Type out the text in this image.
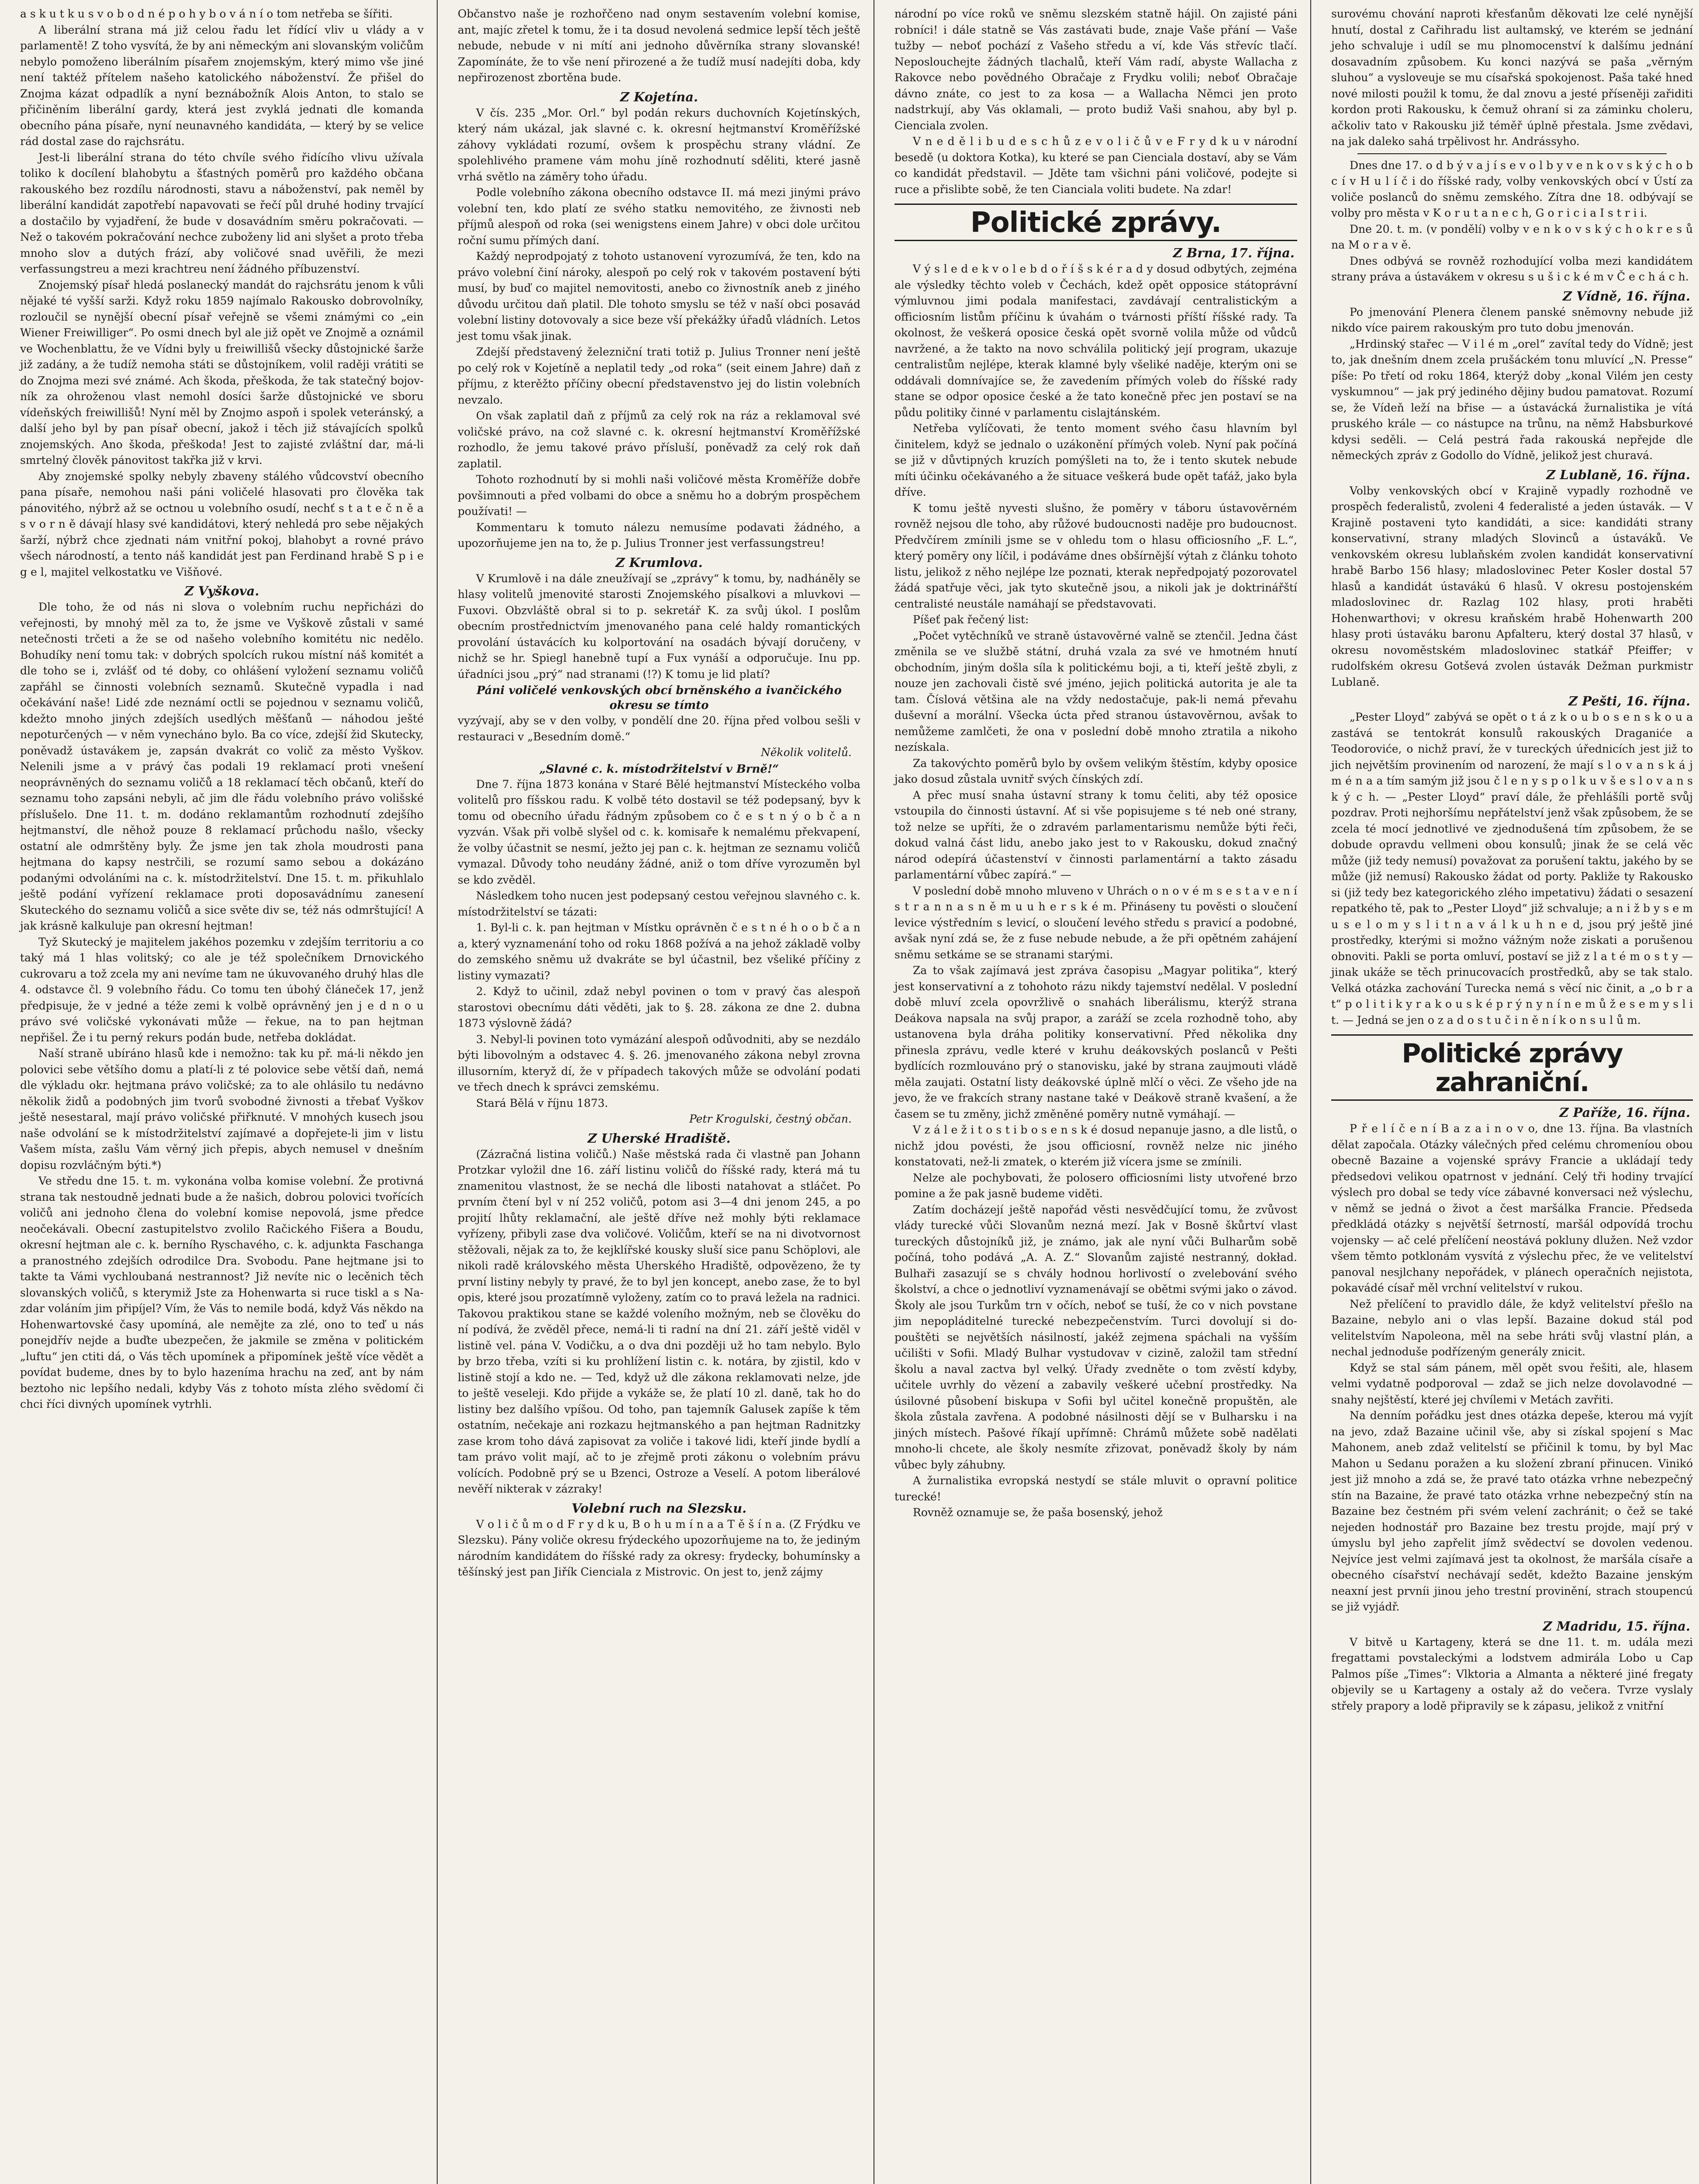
a s k u t k u s v o b o d n é p o h y b o v á n í o tom netřeba se šířiti.

A liberální strana má již celou řadu let řídící vliv u vlády a v parlamentě! Z toho vysvítá, že by ani německým ani slovanským voličům nebylo pomoženo liberálním písařem znojemským, který mimo vše jiné není taktéž přítelem našeho katolického náboženství. Že přišel do Znojma kázat odpadlík a nyní beznábožník Alois Anton, to stalo se přičiněním liberální gardy, která jest zvyklá jednati dle komanda obecního pána písaře, nyní neunavného kandidáta, — který by se velice rád dostal zase do rajchsrátu.

Jest-li liberální strana do této chvíle svého řidícího vlivu užívala toliko k docílení blahobytu a šťastných poměrů pro každého občana rakouského bez rozdílu národnosti, stavu a náboženství, pak neměl by liberální kandidát zapotřebí napavovati se řečí půl druhé hodiny trvající a dostačilo by vyjadření, že bude v dosavádním směru pokračovati. — Než o takovém pokračování nechce zuboženy lid ani slyšet a proto třeba mnoho slov a dutých frází, aby voličové snad uvěřili, že mezi verfassungstreu a mezi krachtreu není žádného příbuzenství.

Znojemský písař hledá poslanecký mandát do rajchsrátu jenom k vůli nějaké té vyšší sarži. Když roku 1859 najímalo Rakousko dobrovolníky, rozloučil se nynější obecní písař veřejně se všemi známými co „ein Wiener Freiwilliger“. Po osmi dnech byl ale již opět ve Znojmě a oznámil ve Wochenblattu, že ve Vídni byly u freiwillišů všecky důstojnické šarže již zadány, a že tudíž nemoha státi se důstojníkem, volil raději vrátiti se do Znojma mezi své známé. Ach škoda, přeškoda, že tak statečný bojovník za ohroženou vlast nemohl dosíci šarže důstojnické ve sboru vídeňských freiwillišů! Nyní měl by Znojmo aspoň i spolek veteránský, a další jeho byl by pan písař obecní, jakož i těch již stávajících spolků znojemských. Ano škoda, přeškoda! Jest to zajisté zvláštní dar, má-li smrtelný člověk pánovitost takřka již v krvi.

Aby znojemské spolky nebyly zbaveny stálého vůdcovství obecního pana písaře, nemohou naši páni voličelé hlasovati pro člověka tak pánovitého, nýbrž až se octnou u volebního osudí, nechť s t a t e č n ě a s v o r n ě dávají hlasy své kandidátovi, který nehledá pro sebe nějakých šarží, nýbrž chce zjednati nám vnitřní pokoj, blahobyt a rovné právo všech národností, a tento náš kandidát jest pan Ferdinand hrabě S p i e g e l, majitel velkostatku ve Višňové.

Z Vyškova.

Dle toho, že od nás ni slova o volebním ruchu nepřicházi do veřejnosti, by mnohý měl za to, že jsme ve Vyškově zůstali v samé netečnosti trčeti a že se od našeho volebního komitétu nic nedělo. Bohudíky není tomu tak: v dobrých spolcích rukou místní náš komitét a dle toho se i, zvlášť od té doby, co ohlášení vyložení seznamu voličů zapřáhl se činnosti volebních seznamů. Skutečně vypadla i nad očekávání naše! Lidé zde neznámí octli se pojednou v seznamu voličů, kdežto mnoho jiných zdejších usedlých měšťanů — náhodou ješté nepoturčených — v něm vynecháno bylo. Ba co více, zdejší žid Skutecky, poněvadž ústavákem je, zapsán dvakrát co volič za město Vyškov. Nelenili jsme a v právý čas podali 19 reklamací proti vnešení neoprávněných do seznamu voličů a 18 reklamací těch občanů, kteří do seznamu toho zapsáni nebyli, ač jim dle řádu volebního právo volišské příslušelo. Dne 11. t. m. dodáno reklamantům rozhodnutí zdejšího hejtmanství, dle něhož pouze 8 reklamací průchodu našlo, všecky ostatní ale odmrštěny byly. Že jsme jen tak zhola moudrosti pana hejtmana do kapsy nestrčili, se rozumí samo sebou a dokázáno podanými odvoláními na c. k. místodržitelství. Dne 15. t. m. přikuhlalo ještě podání vyřízení reklamace proti doposavádnímu zanesení Skuteckého do seznamu voličů a sice světe div se, též nás odmrštující! A jak krásně kalkuluje pan okresní hejtman!

Tyž Skutecký je majitelem jakéhos pozemku v zdejším territoriu a co taký má 1 hlas volitský; co ale je též společníkem Drnovického cukrovaru a tož zcela my ani nevíme tam ne úkuvovaného druhý hlas dle 4. odstavce čl. 9 volebního řádu. Co tomu ten úbohý článeček 17, jenž předpisuje, že v jedné a téže zemi k volbě oprávněný jen j e d n o u právo své voličské vykonávati může — řekue, na to pan hejtman nepřišel. Že i tu perný rekurs podán bude, netřeba dokládat.

Naší straně ubíráno hlasů kde i nemožno: tak ku př. má-li někdo jen polovici sebe většího domu a platí-li z té polovice sebe větší daň, nemá dle výkladu okr. hejtmana právo voličské; za to ale ohlásilo tu nedávno několik židů a podobných jim tvorů svobodné živnosti a třebať Vyškov ještě nesestaral, mají právo voličské přiřknuté. V mnohých kusech jsou naše odvolání se k místodržitelství zajímavé a dopřejete-li jim v listu Vašem místa, zašlu Vám věrný jich přepis, abych nemusel v dnešním dopisu rozvláčným býti.*)

Ve středu dne 15. t. m. vykonána volba komise volební. Že protivná strana tak nestoudně jednati bude a že našich, dobrou polovici tvořících voličů ani jednoho člena do volební komise nepovolá, jsme předce neočekávali. Obecní zastupitelstvo zvolilo Račického Fišera a Boudu, okresní hejtman ale c. k. berního Ryschavého, c. k. adjunkta Faschanga a pranostného zdejších odrodilce Dra. Svobodu. Pane hejtmane jsi to takte ta Vámi vychloubaná nestrannost? Již nevíte nic o lecěnich těch slovanských voličů, s kterymiž Jste za Hohenwarta si ruce tiskl a s Nazdar voláním jim připíjel? Vím, že Vás to nemile bodá, když Vás někdo na Hohenwartovské časy upomíná, ale nemějte za zlé, ono to teď u nás ponejdřív nejde a buďte ubezpečen, že jakmile se změna v politickém „luftu“ jen ctiti dá, o Vás těch upomínek a připomínek ještě více vědět a povídat budeme, dnes by to bylo hazeníma hrachu na zeď, ant by nám beztoho nic lepšího nedali, kdyby Vás z tohoto místa zlého svědomí či chci říci divných upomínek vytrhli.

Občanstvo naše je rozhořčeno nad onym sestavením volební komise, ant, majíc zřetel k tomu, že i ta dosud nevolená sedmice lepší těch ještě nebude, nebude v ni mítí ani jednoho důvěrníka strany slovanské! Zapomínáte, že to vše není přirozené a že tudíž musí nadejíti doba, kdy nepřirozenost zbortěna bude.

Z Kojetína.

V čís. 235 „Mor. Orl.“ byl podán rekurs duchovních Kojetínských, který nám ukázal, jak slavné c. k. okresní hejtmanství Kroměřížské záhovy vykládati rozumí, ovšem k prospěchu strany vládní. Ze spolehlivého pramene vám mohu jíně rozhodnutí sděliti, které jasně vrhá světlo na záměry toho úřadu.

Podle volebního zákona obecního odstavce II. má mezi jinými právo volební ten, kdo platí ze svého statku nemovitého, ze živnosti neb příjmů alespoň od roka (sei wenigstens einem Jahre) v obci dole určitou roční sumu přímých daní.

Každý neprodpojatý z tohoto ustanovení vyrozumívá, že ten, kdo na právo volební činí nároky, alespoň po celý rok v takovém postavení býti musí, by buď co majitel nemovitosti, anebo co živnostník aneb z jiného důvodu určitou daň platil. Dle tohoto smyslu se též v naší obci posavád volební listiny dotovovaly a sice beze vší překážky úřadů vládních. Letos jest tomu však jinak.

Zdejší představený železniční trati totiž p. Julius Tronner není ještě po celý rok v Kojetíně a neplatil tedy „od roka“ (seit einem Jahre) daň z příjmu, z kterěžto příčiny obecní představenstvo jej do listin volebních nevzalo.

On však zaplatil daň z příjmů za celý rok na ráz a reklamoval své voličské právo, na což slavné c. k. okresní hejtmanství Kroměřížské rozhodlo, že jemu takové právo přísluší, poněvadž za celý rok daň zaplatil.

Tohoto rozhodnutí by si mohli naši voličové města Kroměříže dobře povšimnouti a před volbami do obce a sněmu ho a dobrým prospěchem používati! —

Kommentaru k tomuto nálezu nemusíme podavati žádného, a upozorňujeme jen na to, že p. Julius Tronner jest verfassungstreu!

Z Krumlova.

V Krumlově i na dále zneužívají se „zprávy“ k tomu, by, nadháněly se hlasy volitelů jmenovité starosti Znojemského písalkovi a mluvkovi — Fuxovi. Obzvláště obral si to p. sekretář K. za svůj úkol. I poslům obecním prostřednictvím jmenovaného pana celé haldy romantických provolání ústavácích ku kolportování na osadách bývají doručeny, v nichž se hr. Spiegl hanebně tupí a Fux vynáší a odporučuje. Inu pp. úřadníci jsou „prý“ nad stranami (!?) K tomu je lid platí?

Páni voličelé venkovských obcí brněnského a ivančického okresu se tímto

vyzývají, aby se v den volby, v pondělí dne 20. října před volbou sešli v restauraci v „Besedním domě.“

Několik volitelů.

„Slavné c. k. místodržitelství v Brně!“

Dne 7. října 1873 konána v Staré Bělé hejtmanství Místeckého volba volitelů pro fíšskou radu. K volbě této dostavil se též podepsaný, byv k tomu od obecního úřadu řádným způsobem co č e s t n ý o b č a n vyzván. Však při volbě slyšel od c. k. komisaře k nemalému překvapení, že volby účastnit se nesmí, ježto jej pan c. k. hejtman ze seznamu voličů vymazal. Důvody toho neudány žádné, aniž o tom dříve vyrozuměn byl se kdo zvěděl.

Následkem toho nucen jest podepsaný cestou veřejnou slavného c. k. místodržitelství se tázati:

1. Byl-li c. k. pan hejtman v Místku oprávněn č e s t n é h o o b č a n a, který vyznamenání toho od roku 1868 požívá a na jehož základě volby do zemského sněmu už dvakráte se byl účastnil, bez všeliké příčiny z listiny vymazati?

2. Když to učinil, zdaž nebyl povinen o tom v pravý čas alespoň starostovi obecnímu dáti věděti, jak to §. 28. zákona ze dne 2. dubna 1873 výslovně žádá?

3. Nebyl-li povinen toto vymázání alespoň odůvodniti, aby se nezdálo býti libovolným a odstavec 4. §. 26. jmenovaného zákona nebyl zrovna illusorním, kteryž dí, že v případech takových může se odvolání podati ve třech dnech k správci zemskému.

Stará Bělá v říjnu 1873.

Petr Krogulski, čestný občan.

Z Uherské Hradiště.

(Zázračná listina voličů.) Naše městská rada či vlastně pan Johann Protzkar vyložil dne 16. září listinu voličů do říšské rady, která má tu znamenitou vlastnost, že se nechá dle libosti natahovat a stláčet. Po prvním čtení byl v ní 252 voličů, potom asi 3—4 dni jenom 245, a po projití lhůty reklamační, ale ještě dříve než mohly býti reklamace vyřízeny, přibyli zase dva voličové. Voličům, kteří se na ni divotvornost stěžovali, nějak za to, že kejklířské kousky sluší sice panu Schöplovi, ale nikoli radě královského města Uherského Hradiště, odpovězeno, že ty první listiny nebyly ty pravé, že to byl jen koncept, anebo zase, že to byl opis, které jsou prozatímně vyloženy, zatím co to pravá ležela na radnici. Takovou praktikou stane se každé voleního možným, neb se člověku do ní podívá, že zvěděl přece, nemá-li ti radní na dní 21. září ještě viděl v listině vel. pána V. Vodičku, a o dva dni později už ho tam nebylo. Bylo by brzo třeba, vzíti si ku prohlížení listin c. k. notára, by zjistil, kdo v listině stojí a kdo ne. — Ted, když už dle zákona reklamovati nelze, jde to ještě veseleji. Kdo přijde a vykáže se, že platí 10 zl. daně, tak ho do listiny bez dalšího vpíšou. Od toho, pan tajemník Galusek zapíše k těm ostatním, nečekaje ani rozkazu hejtmanského a pan hejtman Radnitzky zase krom toho dává zapisovat za voliče i takové lidi, kteří jinde bydlí a tam právo volit mají, ač to je zřejmě proti zákonu o volebním právu volících. Podobně prý se u Bzenci, Ostroze a Veselí. A potom liberálové nevěří nikterak v zázraky!

Volební ruch na Slezsku.

V o l i č ů m o d F r y d k u, B o h u m í n a a T ě š í n a. (Z Frýdku ve Slezsku). Pány voliče okresu frýdeckého upozorňujeme na to, že jediným národním kandidátem do říšské rady za okresy: frydecky, bohumínsky a těšínský jest pan Jiřík Cienciala z Mistrovic. On jest to, jenž zájmy

národní po více roků ve sněmu slezském statně hájil. On zajisté páni robníci! i dále statně se Vás zastávati bude, znaje Vaše přání — Vaše tužby — neboť pochází z Vašeho středu a ví, kde Vás střevíc tlačí. Neposlouchejte žádných tlachalů, kteří Vám radí, abyste Wallacha z Rakovce nebo povědného Obračaje z Frydku volili; neboť Obračaje dávno znáte, co jest to za kosa — a Wallacha Němci jen proto nadstrkují, aby Vás oklamali, — proto budiž Vaši snahou, aby byl p. Cienciala zvolen.

V n e d ě l i b u d e s c h ů z e v o l i č ů v e F r y d k u v národní besedě (u doktora Kotka), ku které se pan Cienciala dostaví, aby se Vám co kandidát představil. — Jděte tam všichni páni voličové, podejte si ruce a přislibte sobě, že ten Cianciala voliti budete. Na zdar!

Politické zprávy.
Z Brna, 17. října.

V ý s l e d e k v o l e b d o ř í š s k é r a d y dosud odbytých, zejména ale výsledky těchto voleb v Čechách, kdež opět opposice státoprávní výmluvnou jimi podala manifestaci, zavdávají centralistickým a officiosním listům příčinu k úvahám o tvárnosti příští říšské rady. Ta okolnost, že veškerá oposice česká opět svorně volila může od vůdců navržené, a že takto na novo schválila politický její program, ukazuje centralistům nejlépe, kterak klamné byly všeliké naděje, kterým oni se oddávali domnívajíce se, že zavedením přímých voleb do říšské rady stane se odpor oposice české a že tato konečně přec jen postaví se na půdu politiky činné v parlamentu cislajtánském.

Netřeba vylíčovati, že tento moment svého času hlavním byl činitelem, když se jednalo o uzákonění přímých voleb. Nyní pak počíná se již v důvtipných kruzích pomýšleti na to, že i tento skutek nebude míti účinku očekávaného a že situace veškerá bude opět taťáž, jako byla dříve.

K tomu ještě nyvesti slušno, že poměry v táboru ústavověrném rovněž nejsou dle toho, aby růžové budoucnosti naděje pro budoucnost. Předvčírem zmínili jsme se v ohledu tom o hlasu officiosního „F. L.“, který pomĕry ony líčil, i podáváme dnes obšírnější výtah z článku tohoto listu, jelikož z něho nejlépe lze poznati, kterak nepředpojatý pozorovatel žádá spatřuje věci, jak tyto skutečně jsou, a nikoli jak je doktrinářští centralisté neustále namáhají se představovati.

Píšeť pak řečený list:

„Počet vytěchníků ve straně ústavověrné valně se ztenčil. Jedna část změnila se ve službě státní, druhá vzala za své ve hmotném hnutí obchodním, jiným došla síla k politickému boji, a ti, kteří ještě zbyli, z nouze jen zachovali čistě své jméno, jejich politická autorita je ale ta tam. Číslová většina ale na vždy nedostačuje, pak-li nemá převahu duševní a morální. Všecka úcta před stranou ústavověrnou, avšak to nemůžeme zamlčeti, že ona v poslední době mnoho ztratila a nikoho nezískala.

Za takovýchto poměrů bylo by ovšem velikým štěstím, kdyby oposice jako dosud zůstala uvnitř svých čínských zdí.

A přec musí snaha ústavní strany k tomu čeliti, aby též oposice vstoupila do činnosti ústavní. Ať si vše popisujeme s té neb oné strany, tož nelze se upříti, že o zdravém parlamentarismu nemůže býti řeči, dokud valná část lidu, anebo jako jest to v Rakousku, dokud značný národ odepírá účastenství v činnosti parlamentární a takto zásadu parlamentární vůbec zapírá.“ —

V poslední době mnoho mluveno v Uhrách o n o v é m s e s t a v e n í s t r a n n a s n ě m u u h e r s k é m. Přináseny tu pověsti o sloučení levice výstředním s levicí, o sloučení levého středu s pravicí a podobné, avšak nyní zdá se, že z fuse nebude nebude, a že při opětném zahájení sněmu setkáme se se stranami starými.

Za to však zajímavá jest zpráva časopisu „Magyar politika“, který jest konservativní a z tohohoto rázu nikdy tajemství nedělal. V poslední době mluví zcela opovržlivě o snahách liberálismu, kterýž strana Deákova napsala na svůj prapor, a zaráží se zcela rozhodně toho, aby ustanovena byla dráha politiky konservativní. Před několika dny přinesla zprávu, vedle které v kruhu deákovských poslanců v Pešti bydlících rozmlouváno prý o stanovisku, jaké by strana zaujmouti vládě měla zaujati. Ostatní listy deákovské úplně mlčí o věci. Ze všeho jde na jevo, že ve frakcích strany nastane také v Deákově straně kvašení, a že časem se tu změny, jichž změněné poměry nutně vymáhají. —

V z á l e ž i t o s t i b o s e n s k é dosud nepanuje jasno, a dle listů, o nichž jdou povésti, že jsou officiosní, rovněž nelze nic jiného konstatovati, než-li zmatek, o kterém již vícera jsme se zmínili.

Nelze ale pochybovati, že polosero officiosními listy utvořené brzo pomine a že pak jasně budeme viděti.

Zatím docházejí ještě napořád věsti nesvědčující tomu, že zvůvost vlády turecké vůči Slovanům nezná mezí. Jak v Bosně škůrtví vlast tureckých důstojníků již, je známo, jak ale nyní vůči Bulharům sobě počíná, toho podává „A. A. Z.“ Slovanům zajisté nestranný, dokład. Bulhaři zasazují se s chvály hodnou horlivostí o zvelebování svého školství, a chce o jednotliví vyznamenávají se obětmi svými jako o závod. Školy ale jsou Turkům trn v očích, neboť se tuší, že co v nich povstane jim nepopláditelné turecké nebezpečenstvím. Turci dovolují si dopouštěti se největších násilností, jakéž zejmena spáchali na vyšším učilišti v Sofii. Mladý Bulhar vystudovav v cizině, založil tam střední školu a naval zactva byl velký. Úřady zvedněte o tom zvěstí kdyby, učitele uvrhly do vězení a zabavily veškeré učební prostředky. Na úsilovné působení biskupa v Sofii byl učitel konečně propuštěn, ale škola zůstala zavřena. A podobné násilnosti dějí se v Bulharsku i na jiných místech. Pašové říkají upřímně: Chrámů můžete sobě nadělati mnoho-li chcete, ale školy nesmíte zřizovat, poněvadž školy by nám vůbec byly záhubny.

A žurnalistika evropská nestydí se stále mluvit o opravní politice turecké!

Rovněž oznamuje se, že paša bosenský, jehož

surovému chování naproti křesťanům děkovati lze celé nynější hnutí, dostal z Cařihradu list aultamský, ve kterém se jednání jeho schvaluje i udíl se mu plnomocenství k dalšímu jednání dosavadním způsobem. Ku konci nazývá se paša „věrným sluhou“ a vysloveuje se mu císařská spokojenost. Paša také hned nové milosti použil k tomu, že dal znovu a jesté příseněji zařiditi kordon proti Rakousku, k čemuž ohraní si za záminku choleru, ačkoliv tato v Rakousku již téměř úplně přestala. Jsme zvědavi, na jak daleko sahá trpělivost hr. Andrássyho.

Dnes dne 17. o d b ý v a j í s e v o l b y v e n k o v s k ý c h o b c í v H u l í č i do říšské rady, volby venkovských obcí v Ústí za voliče poslanců do sněmu zemského. Zítra dne 18. odbývají se volby pro města v K o r u t a n e c h, G o r i c i a I s t r i i.

Dne 20. t. m. (v pondělí) volby v e n k o v s k ý c h o k r e s ů na M o r a v ě.

Dnes odbývá se rovněž rozhodující volba mezi kandidátem strany práva a ústavákem v okresu s u š i c k é m v Č e c h á c h.

Z Vídně, 16. října.

Po jmenování Plenera členem panské sněmovny nebude již nikdo více pairem rakouským pro tuto dobu jmenován.

„Hrdinský stařec — V i l é m „orel“ zavítal tedy do Vídně; jest to, jak dnešním dnem zcela prušáckém tonu mluvící „N. Presse“ píše: Po třetí od roku 1864, kterýž doby „konal Vilém jen cesty vyskumnou“ — jak prý jediného dějiny budou pamatovat. Rozumí se, že Vídeň leží na břise — a ústavácká žurnalistika je vítá pruského krále — co nástupce na trůnu, na němž Habsburkové kdysi seděli. — Celá pestrá řada rakouská nepřejde dle německých zpráv z Godollo do Vídně, jelikož jest churavá.

Z Lublaně, 16. října.

Volby venkovských obcí v Krajině vypadly rozhodně ve prospěch federalistů, zvoleni 4 federalisté a jeden ústavák. — V Krajině postaveni tyto kandidáti, a sice: kandidáti strany konservativní, strany mladých Slovinců a ústaváků. Ve venkovském okresu lublaňském zvolen kandidát konservativní hrabě Barbo 156 hlasy; mladoslovinec Peter Kosler dostal 57 hlasů a kandidát ústavákú 6 hlasů. V okresu postojenském mladoslovinec dr. Razlag 102 hlasy, proti hraběti Hohenwarthovi; v okresu kraňském hrabě Hohenwarth 200 hlasy proti ústaváku baronu Apfalteru, který dostal 37 hlasů, v okresu novoměstském mladoslovinec statkář Pfeiffer; v rudolfském okresu Gotševá zvolen ústavák Dežman purkmistr Lublaně.

Z Pešti, 16. října.

„Pester Lloyd“ zabývá se opět o t á z k o u b o s e n s k o u a zastává se tentokrát konsulů rakouských Draganiće a Teodoroviće, o nichž praví, že v tureckých úřednicích jest již to jich největším provinením od narození, že mají s l o v a n s k á j m é n a a tím samým již jsou č l e n y s p o l k u v š e s l o v a n s k ý c h. — „Pester Lloyd“ praví dále, že přehlášíli portě svůj pozdrav. Proti nejhoršímu nepřátelství jenž však způsobem, že se zcela té mocí jednotlivé ve zjednodušená tím způsobem, že se dobude opravdu vellmeni obou konsulů; jinak že se celá věc může (již tedy nemusí) považovat za porušení taktu, jakého by se může (již nemusí) Rakousko žádat od porty. Pakliže ty Rakousko si (již tedy bez kategorického zlého impetativu) žádati o sesazení repatkého tě, pak to „Pester Lloyd“ již schvaluje; a n i ž b y s e m u s e l o m y s l i t n a v á l k u h n e d, jsou prý ještě jiné prostředky, kterými si možno vážným nože ziskati a porušenou obnoviti. Pakli se porta omluví, postaví se již z l a t é m o s t y — jinak ukáže se těch prinucovacích prostředků, aby se tak stalo. Velká otázka zachování Turecka nemá s věcí nic činit, a „o b r a t“ p o l i t i k y r a k o u s k é p r ý n y n í n e m ů ž e s e m y s l i t. — Jedná se jen o z a d o s t u č i n ě n í k o n s u l ů m.

Politické zprávy zahraniční.
Z Paříže, 16. října.

P ř e l í č e n í B a z a i n o v o, dne 13. října. Ba vlastních dělat započala. Otázky válečných před celému chromeníou obou obecně Bazaine a vojenské správy Francie a ukládají tedy předsedovi velikou opatrnost v jednání. Celý tři hodiny trvající výslech pro dobal se tedy více zábavné konversaci než výslechu, v němž se jedná o život a čest maršálka Francie. Předseda předkládá otázky s největší šetrností, maršál odpovídá trochu vojensky — ač celé přelíčení neostává pokluny dlužen. Než vzdor všem těmto potklonám vysvítá z výslechu přec, že ve velitelství panoval nesjlchany nepořádek, v plánech operačních nejistota, pokavádé císař měl vrchní velitelství v rukou.

Než přelíčení to pravidlo dále, že když velitelství přešlo na Bazaine, nebylo ani o vlas lepší. Bazaine dokud stál pod velitelstvím Napoleona, měl na sebe hráti svůj vlastní plán, a nechal jednoduše podřízeným generály znicit.

Když se stal sám pánem, měl opět svou řešiti, ale, hlasem velmi vydatně podporoval — zdaž se jich nelze dovolavodné — snahy nejštěstí, které jej chvílemi v Metách zavřiti.

Na denním pořádku jest dnes otázka depeše, kterou má vyjít na jevo, zdaž Bazaine učinil vše, aby si získal spojení s Mac Mahonem, aneb zdaž velitelstí se přičinil k tomu, by byl Mac Mahon u Sedanu poražen a ku složení zbraní přinucen. Vinikó jest již mnoho a zdá se, že pravé tato otázka vrhne nebezpečný stín na Bazaine, že pravé tato otázka vrhne nebezpečný stín na Bazaine bez čestném při svém velení zachránit; o čež se také nejeden hodnostář pro Bazaine bez trestu projde, mají prý v úmyslu byl jeho zapřelit jímž svědectví se dovolen vedenou. Nejvíce jest velmi zajímavá jest ta okolnost, že maršála císaře a obecného císařství nechávají sedět, kdežto Bazaine jenským neaxní jest prvníi jinou jeho trestní provinění, strach stoupencú se již vyjádř.

Z Madridu, 15. října.

V bitvě u Kartageny, která se dne 11. t. m. udála mezi fregattami povstaleckými a lodstvem admirála Lobo u Cap Palmos píše „Times“: Vlktoria a Almanta a některé jiné fregaty objevily se u Kartageny a ostaly až do večera. Tvrze vyslaly střely prapory a lodě připravily se k zápasu, jelikož z vnitřní
